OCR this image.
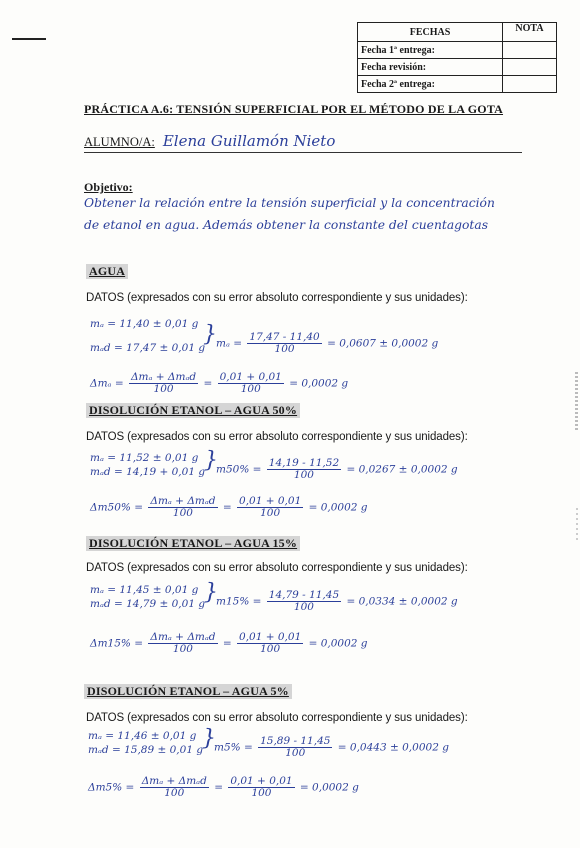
FECHAS	NOTA
Fecha 1ª entrega:	
Fecha revisión:	
Fecha 2ª entrega:	
PRÁCTICA A.6: TENSIÓN SUPERFICIAL POR EL MÉTODO DE LA GOTA
ALUMNO/A: Elena Guillamón Nieto
Objetivo:
Obtener la relación entre la tensión superficial y la concentración
de etanol en agua. Además obtener la constante del cuentagotas
AGUA
DATOS (expresados con su error absoluto correspondiente y sus unidades):
mₐ = 11,40 ± 0,01 g
mₐd = 17,47 ± 0,01 g
} $m_a = \frac{17,47 - 11,40}{100} = 0,0607 \pm 0,0002$ g
$\Delta m_a = \frac{\text{Δmₐ + Δmₐd}}{100} = \frac{0,01 + 0,01}{100} = 0,0002$ g
DISOLUCIÓN ETANOL – AGUA 50%
DATOS (expresados con su error absoluto correspondiente y sus unidades):
mₐ = 11,52 ± 0,01 g
mₐd = 14,19 + 0,01 g
}
$m50\% = \frac{14,19 - 11,52}{100} = 0,0267 \pm 0,0002$ g
$\Delta m50\% = \frac{\text{Δmₐ + Δmₐd}}{100} = \frac{0,01 + 0,01}{100} = 0,0002$ g
DISOLUCIÓN ETANOL – AGUA 15%
DATOS (expresados con su error absoluto correspondiente y sus unidades):
mₐ = 11,45 ± 0,01 g
mₐd = 14,79 ± 0,01 g
}
$m15\% = \frac{14,79 - 11,45}{100} = 0,0334 \pm 0,0002$ g
$\Delta m15\% = \frac{\text{Δmₐ + Δmₐd}}{100} = \frac{0,01 + 0,01}{100} = 0,0002$ g
DISOLUCIÓN ETANOL – AGUA 5%
DATOS (expresados con su error absoluto correspondiente y sus unidades):
mₐ = 11,46 ± 0,01 g
mₐd = 15,89 ± 0,01 g
}
$m5\% = \frac{15,89 - 11,45}{100} = 0,0443 \pm 0,0002$ g
$\Delta m5\% = \frac{\text{Δmₐ + Δmₐd}}{100} = \frac{0,01 + 0,01}{100} = 0,0002$ g
